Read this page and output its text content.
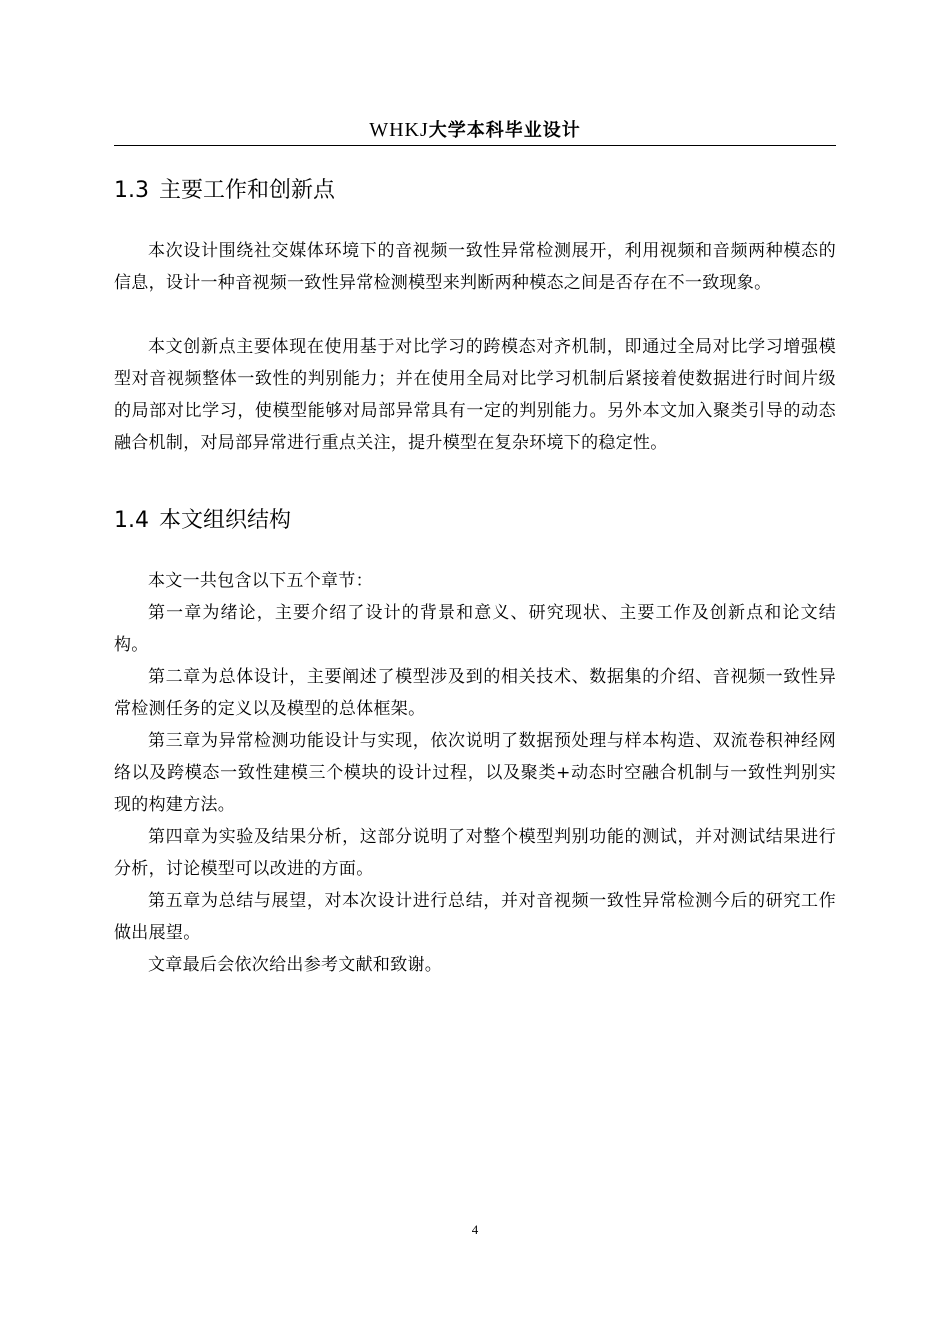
WHKJ大学本科毕业设计
1.3 主要工作和创新点

本次设计围绕社交媒体环境下的音视频一致性异常检测展开，利用视频和音频两种模态的信息，设计一种音视频一致性异常检测模型来判断两种模态之间是否存在不一致现象。

本文创新点主要体现在使用基于对比学习的跨模态对齐机制，即通过全局对比学习增强模型对音视频整体一致性的判别能力；并在使用全局对比学习机制后紧接着使数据进行时间片级的局部对比学习，使模型能够对局部异常具有一定的判别能力。另外本文加入聚类引导的动态融合机制，对局部异常进行重点关注，提升模型在复杂环境下的稳定性。

1.4 本文组织结构

本文一共包含以下五个章节：

第一章为绪论，主要介绍了设计的背景和意义、研究现状、主要工作及创新点和论文结构。

第二章为总体设计，主要阐述了模型涉及到的相关技术、数据集的介绍、音视频一致性异常检测任务的定义以及模型的总体框架。

第三章为异常检测功能设计与实现，依次说明了数据预处理与样本构造、双流卷积神经网络以及跨模态一致性建模三个模块的设计过程，以及聚类+动态时空融合机制与一致性判别实现的构建方法。

第四章为实验及结果分析，这部分说明了对整个模型判别功能的测试，并对测试结果进行分析，讨论模型可以改进的方面。

第五章为总结与展望，对本次设计进行总结，并对音视频一致性异常检测今后的研究工作做出展望。

文章最后会依次给出参考文献和致谢。

4
